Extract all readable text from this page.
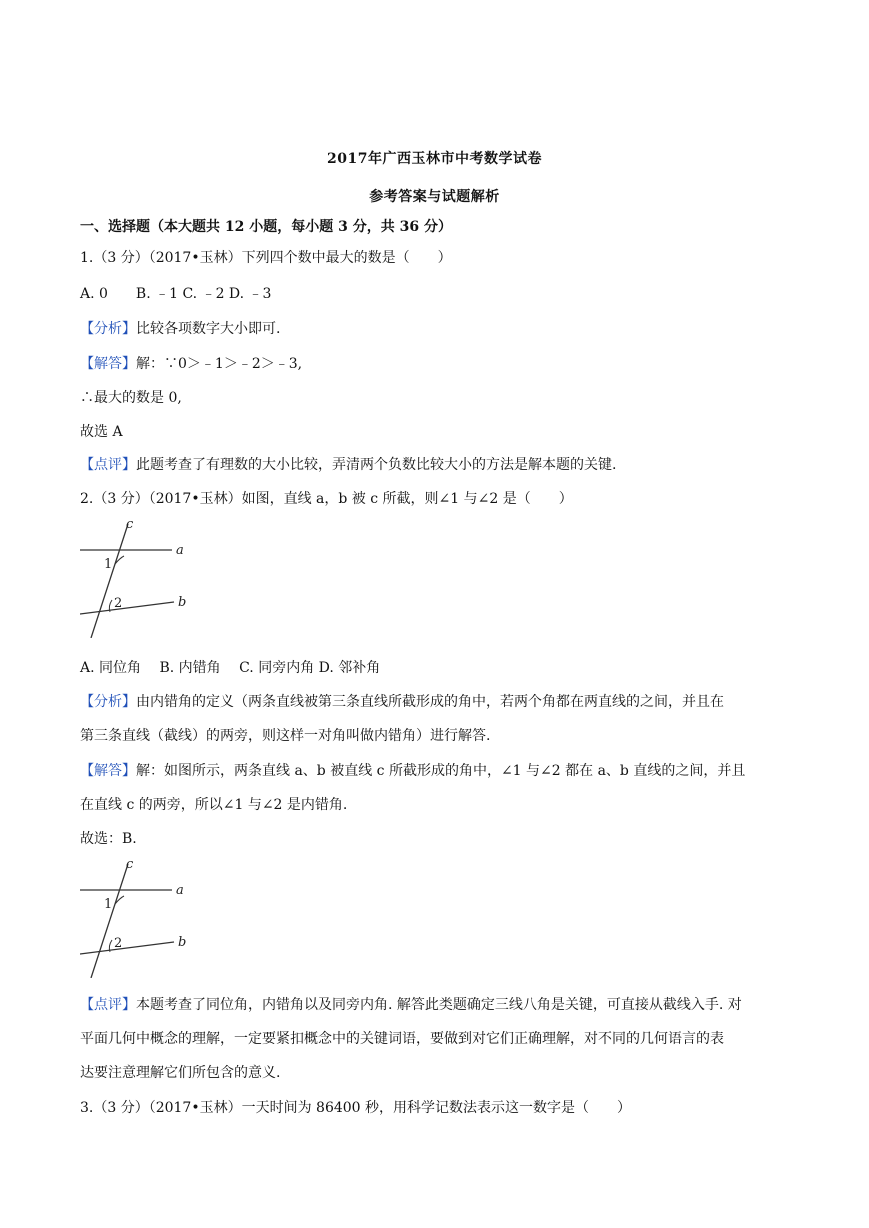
2017年广西玉林市中考数学试卷
参考答案与试题解析
一、选择题（本大题共 12 小题，每小题 3 分，共 36 分）
1.（3 分）（2017•玉林）下列四个数中最大的数是（　　）
A. 0　　B. ﹣1 C. ﹣2 D. ﹣3
【分析】比较各项数字大小即可.
【解答】解：∵0＞﹣1＞﹣2＞﹣3,
∴最大的数是 0,
故选 A
【点评】此题考查了有理数的大小比较，弄清两个负数比较大小的方法是解本题的关键.
2.（3 分）（2017•玉林）如图，直线 a，b 被 c 所截，则∠1 与∠2 是（　　）
c
a
b
1
2
A. 同位角　 B. 内错角　 C. 同旁内角 D. 邻补角
【分析】由内错角的定义（两条直线被第三条直线所截形成的角中，若两个角都在两直线的之间，并且在
第三条直线（截线）的两旁，则这样一对角叫做内错角）进行解答.
【解答】解：如图所示，两条直线 a、b 被直线 c 所截形成的角中，∠1 与∠2 都在 a、b 直线的之间，并且
在直线 c 的两旁，所以∠1 与∠2 是内错角.
故选：B.
c
a
b
1
2
【点评】本题考查了同位角，内错角以及同旁内角. 解答此类题确定三线八角是关键，可直接从截线入手. 对
平面几何中概念的理解，一定要紧扣概念中的关键词语，要做到对它们正确理解，对不同的几何语言的表
达要注意理解它们所包含的意义.
3.（3 分）（2017•玉林）一天时间为 86400 秒，用科学记数法表示这一数字是（　　）
